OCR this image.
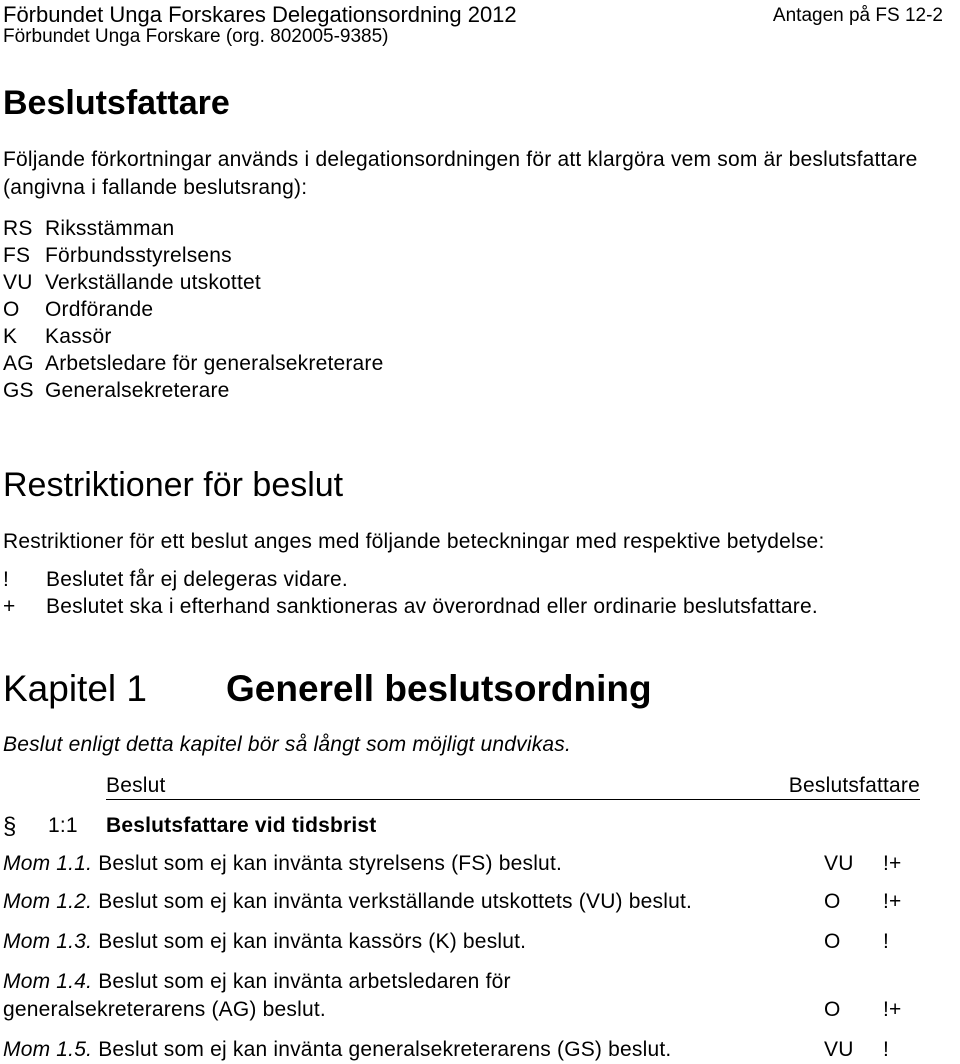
Förbundet Unga Forskares Delegationsordning 2012
Förbundet Unga Forskare (org. 802005-9385)
Antagen på FS 12-2
Beslutsfattare
Följande förkortningar används i delegationsordningen för att klargöra vem som är beslutsfattare
(angivna i fallande beslutsrang):
RS Riksstämman
FS Förbundsstyrelsens
VU Verkställande utskottet
O Ordförande
K Kassör
AG Arbetsledare för generalsekreterare
GS Generalsekreterare
Restriktioner för beslut
Restriktioner för ett beslut anges med följande beteckningar med respektive betydelse:
! Beslutet får ej delegeras vidare.
+ Beslutet ska i efterhand sanktioneras av överordnad eller ordinarie beslutsfattare.
Kapitel 1 Generell beslutsordning
Beslut enligt detta kapitel bör så långt som möjligt undvikas.
Beslut	Beslutsfattare
§ 1:1 Beslutsfattare vid tidsbrist
Mom 1.1. Beslut som ej kan invänta styrelsens (FS) beslut.	VU !+
Mom 1.2. Beslut som ej kan invänta verkställande utskottets (VU) beslut.	O !+
Mom 1.3. Beslut som ej kan invänta kassörs (K) beslut.	O !
Mom 1.4. Beslut som ej kan invänta arbetsledaren för
generalsekreterarens (AG) beslut.	O !+
Mom 1.5. Beslut som ej kan invänta generalsekreterarens (GS) beslut.	VU !
